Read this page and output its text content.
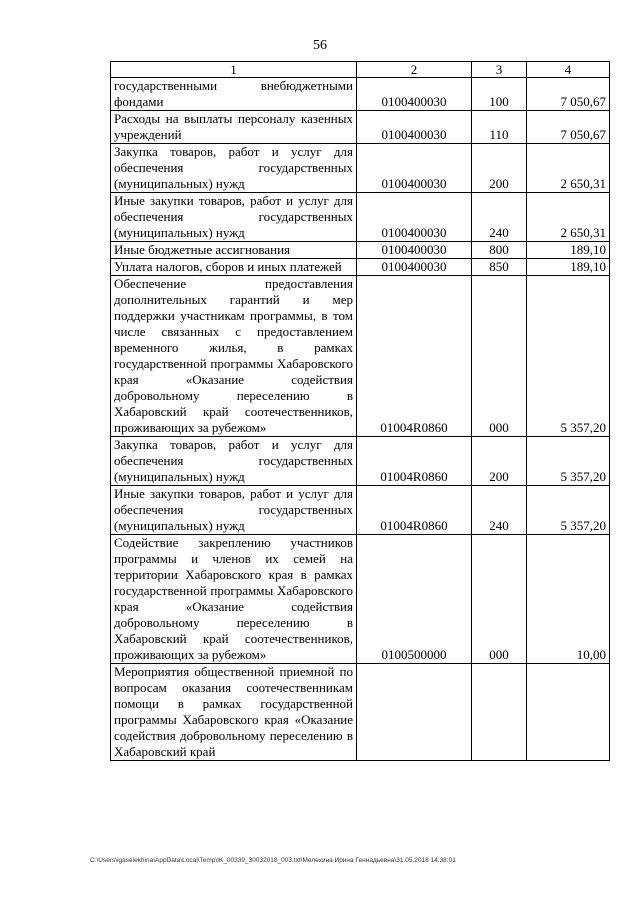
56
1	2	3	4
государственными внебюджетными фондами	0100400030	100	7 050,67
Расходы на выплаты персоналу казенных учреждений	0100400030	110	7 050,67
Закупка товаров, работ и услуг для обеспечения государственных (муниципальных) нужд	0100400030	200	2 650,31
Иные закупки товаров, работ и услуг для обеспечения государственных (муниципальных) нужд	0100400030	240	2 650,31
Иные бюджетные ассигнования	0100400030	800	189,10
Уплата налогов, сборов и иных платежей	0100400030	850	189,10
Обеспечение предоставления дополнительных гарантий и мер поддержки участникам программы, в том числе связанных с предоставлением временного жилья, в рамках государственной программы Хабаровского края «Оказание содействия добровольному переселению в Хабаровский край соотечественников, проживающих за рубежом»	01004R0860	000	5 357,20
Закупка товаров, работ и услуг для обеспечения государственных (муниципальных) нужд	01004R0860	200	5 357,20
Иные закупки товаров, работ и услуг для обеспечения государственных (муниципальных) нужд	01004R0860	240	5 357,20
Содействие закреплению участников программы и членов их семей на территории Хабаровского края в рамках государственной программы Хабаровского края «Оказание содействия добровольному переселению в Хабаровский край соотечественников, проживающих за рубежом»	0100500000	000	10,00
Мероприятия общественной приемной по вопросам оказания соотечественникам помощи в рамках государственной программы Хабаровского края «Оказание содействия добровольному переселению в Хабаровский край			
C:\Users\igaselekhina\AppData\Local\Temp\IK_00339_30032018_003.txt\Мелехина Ирина Геннадьевна\31.05.2018 14:38:01
